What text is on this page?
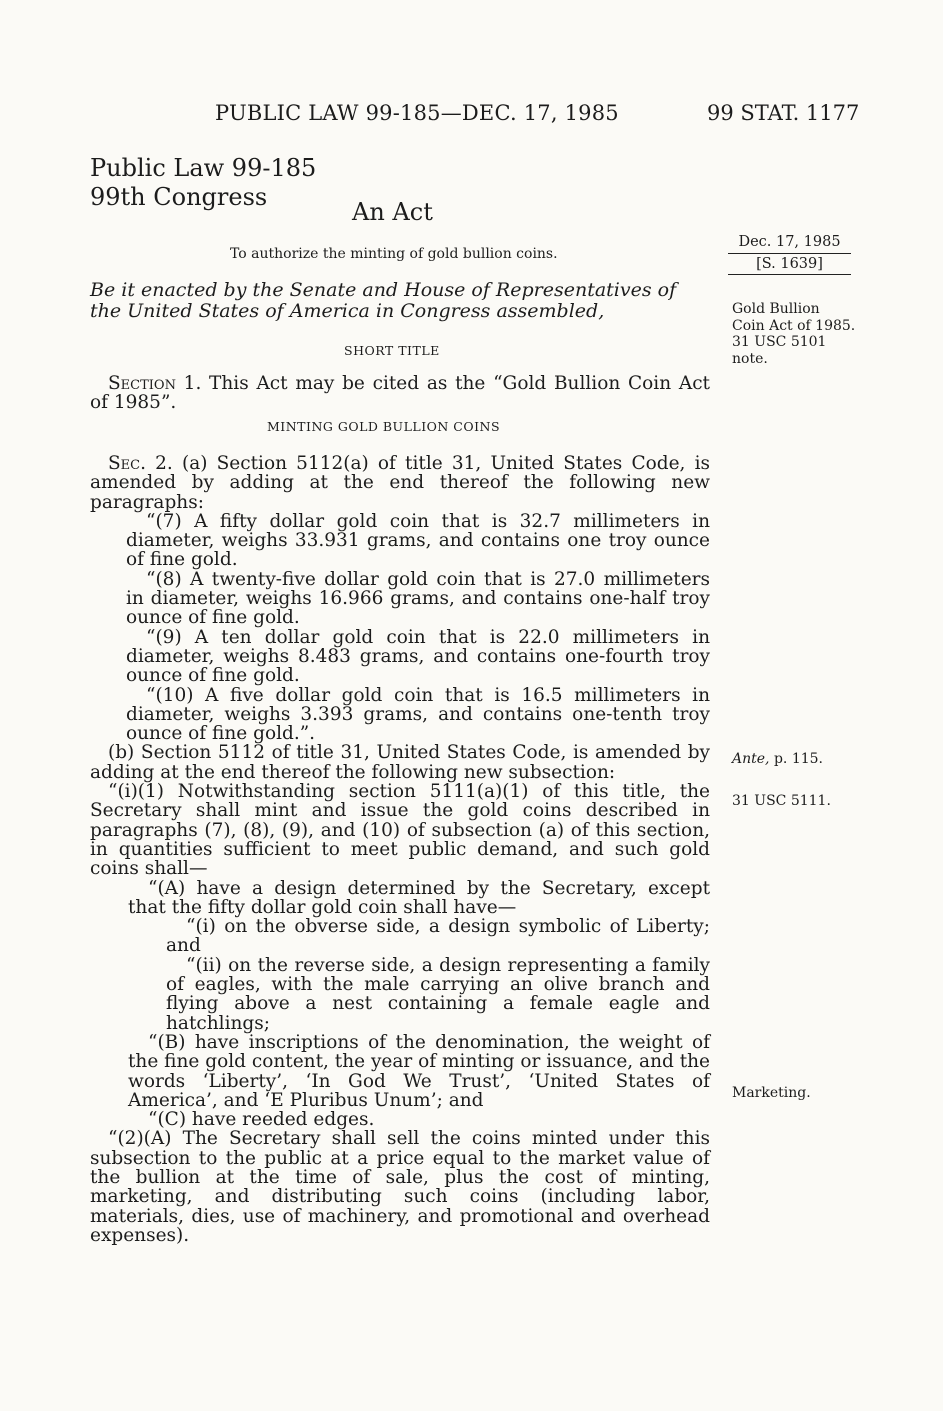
PUBLIC LAW 99-185—DEC. 17, 1985	99 STAT. 1177
Public Law 99-185
99th Congress
An Act
To authorize the minting of gold bullion coins.
Dec. 17, 1985
[S. 1639]
Gold Bullion
Coin Act of 1985.
31 USC 5101
note.
Ante, p. 115.
31 USC 5111.
Marketing.
Be it enacted by the Senate and House of Representatives of the United States of America in Congress assembled,
SHORT TITLE

Section 1. This Act may be cited as the “Gold Bullion Coin Act of 1985”.

MINTING GOLD BULLION COINS

Sec. 2. (a) Section 5112(a) of title 31, United States Code, is amended by adding at the end thereof the following new paragraphs:

“(7) A fifty dollar gold coin that is 32.7 millimeters in diameter, weighs 33.931 grams, and contains one troy ounce of fine gold.

“(8) A twenty-five dollar gold coin that is 27.0 millimeters in diameter, weighs 16.966 grams, and contains one-half troy ounce of fine gold.

“(9) A ten dollar gold coin that is 22.0 millimeters in diameter, weighs 8.483 grams, and contains one-fourth troy ounce of fine gold.

“(10) A five dollar gold coin that is 16.5 millimeters in diameter, weighs 3.393 grams, and contains one-tenth troy ounce of fine gold.”.

(b) Section 5112 of title 31, United States Code, is amended by adding at the end thereof the following new subsection:

“(i)(1) Notwithstanding section 5111(a)(1) of this title, the Secretary shall mint and issue the gold coins described in paragraphs (7), (8), (9), and (10) of subsection (a) of this section, in quantities sufficient to meet public demand, and such gold coins shall—

“(A) have a design determined by the Secretary, except that the fifty dollar gold coin shall have—

“(i) on the obverse side, a design symbolic of Liberty; and

“(ii) on the reverse side, a design representing a family of eagles, with the male carrying an olive branch and flying above a nest containing a female eagle and hatchlings;

“(B) have inscriptions of the denomination, the weight of the fine gold content, the year of minting or issuance, and the words ‘Liberty’, ‘In God We Trust’, ‘United States of America’, and ‘E Pluribus Unum’; and

“(C) have reeded edges.

“(2)(A) The Secretary shall sell the coins minted under this subsection to the public at a price equal to the market value of the bullion at the time of sale, plus the cost of minting, marketing, and distributing such coins (including labor, materials, dies, use of machinery, and promotional and overhead expenses).
